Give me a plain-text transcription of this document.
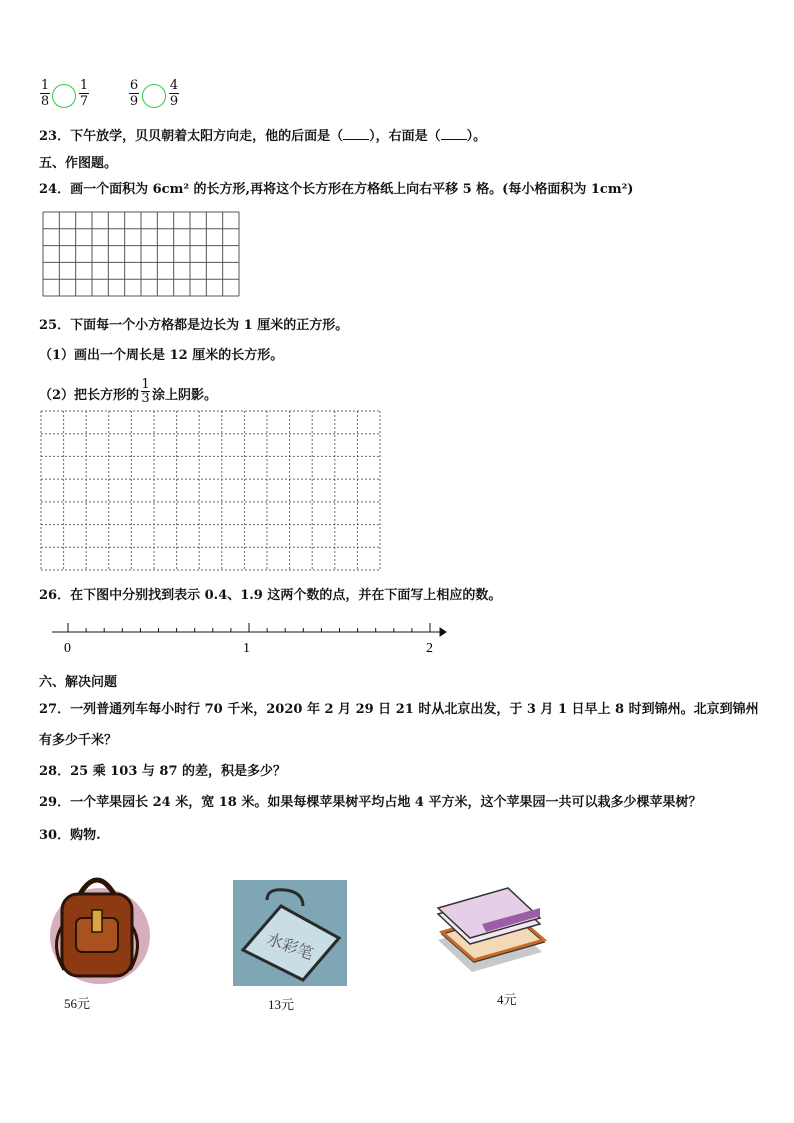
1
8
1
7
6
9
4
9
23．下午放学，贝贝朝着太阳方向走，他的后面是（ ），右面是（ ）。
五、作图题。
24．画一个面积为 6cm² 的长方形,再将这个长方形在方格纸上向右平移 5 格。(每小格面积为 1cm²)
25．下面每一个小方格都是边长为 1 厘米的正方形。
（1）画出一个周长是 12 厘米的长方形。
（2）把长方形的
1
3 涂上阴影。
26．在下图中分别找到表示 0.4、1.9 这两个数的点，并在下面写上相应的数。
0	1	2
六、解决问题
27．一列普通列车每小时行 70 千米，2020 年 2 月 29 日 21 时从北京出发，于 3 月 1 日早上 8 时到锦州。北京到锦州
有多少千米？
28．25 乘 103 与 87 的差，积是多少？
29．一个苹果园长 24 米，宽 18 米。如果每棵苹果树平均占地 4 平方米，这个苹果园一共可以栽多少棵苹果树？
30．购物.
56元
水彩笔
13元	4元
